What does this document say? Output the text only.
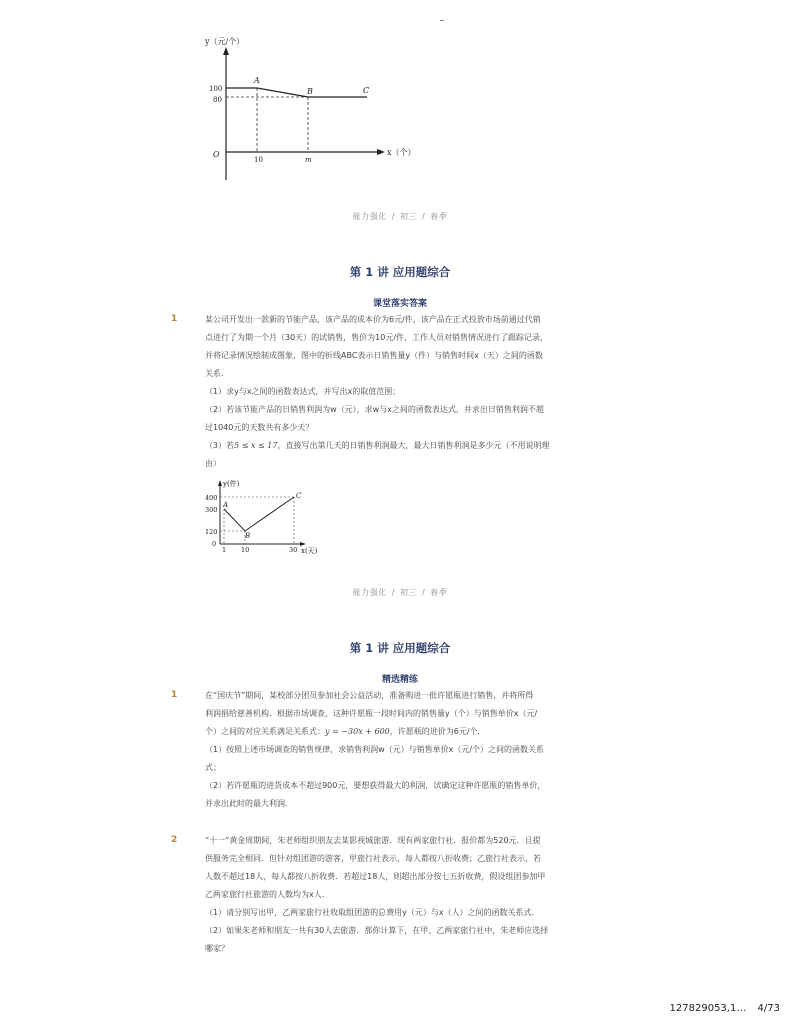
y（元/个）
x（个）
O
100
80
10	m
A
B	C
能力强化 / 初三 / 春季
第 1 讲 应用题综合
课堂落实答案
1	某公司开发出一款新的节能产品，该产品的成本价为6元/件，该产品在正式投放市场前通过代销

点进行了为期一个月（30天）的试销售，售价为10元/件，工作人员对销售情况进行了跟踪记录，

并将记录情况绘制成图象，图中的折线ABC表示日销售量y（件）与销售时间x（天）之间的函数

关系．

（1）求y与x之间的函数表达式，并写出x的取值范围；

（2）若该节能产品的日销售利润为w（元），求w与x之间的函数表达式，并求出日销售利润不超

过1040元的天数共有多少天？

（3）若5 ≤ x ≤ 17，直接写出第几天的日销售利润最大，最大日销售利润是多少元（不用说明理

由）

y(件)
x(天)
400
300
120
0
1 10	30
A
B
C
能力强化 / 初三 / 春季
第 1 讲 应用题综合
精选精练
1	在“国庆节”期间，某校部分团员参加社会公益活动，准备购进一批许愿瓶进行销售，并将所得

利润捐给慈善机构．根据市场调查，这种许愿瓶一段时间内的销售量y（个）与销售单价x（元/

个）之间的对应关系满足关系式：y = −30x + 600，许愿瓶的进价为6元/个．

（1）按照上述市场调查的销售规律，求销售利润w（元）与销售单价x（元/个）之间的函数关系

式；

（2）若许愿瓶的进货成本不超过900元，要想获得最大的利润，试确定这种许愿瓶的销售单价，

并求出此时的最大利润．

2	“十一”黄金周期间，朱老师组织朋友去某影视城旅游．现有两家旅行社．报价都为520元．且提

供服务完全相同．但针对组团游的游客，甲旅行社表示，每人都按八折收费；乙旅行社表示，若

人数不超过18人，每人都按八折收费．若超过18人，则超出部分按七五折收费，假设组团参加甲

乙两家旅行社旅游的人数均为x人．

（1）请分别写出甲，乙两家旅行社收取组团游的总费用y（元）与x（人）之间的函数关系式．

（2）如果朱老师和朋友一共有30人去旅游．那你计算下，在甲、乙两家旅行社中，朱老师应选择

哪家？

127829053,1… 4/73
